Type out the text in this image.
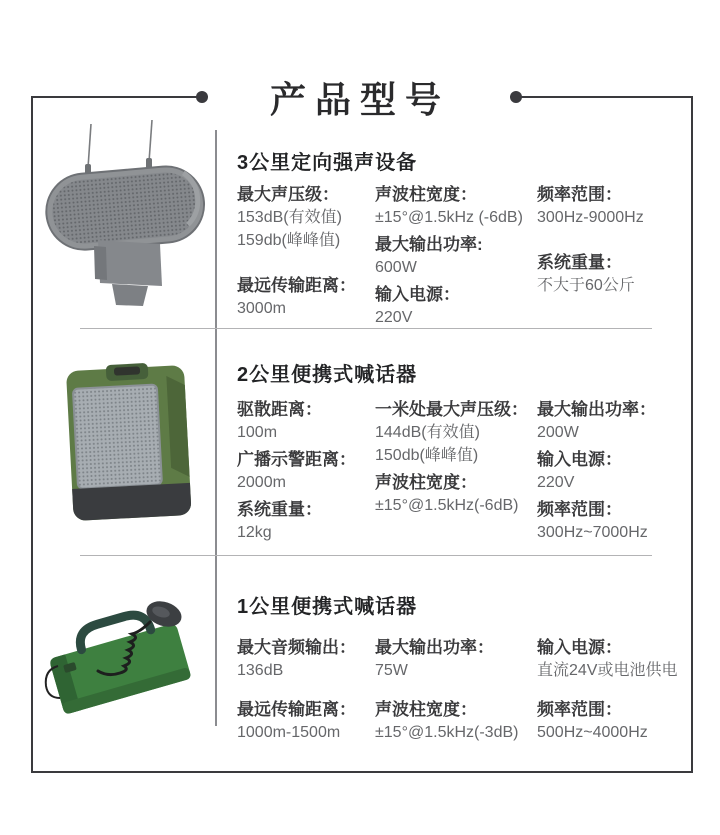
产品型号
3公里定向强声设备
2公里便携式喊话器
1公里便携式喊话器
最大声压级：
153dB(有效值)
159db(峰峰值)
最远传输距离：
3000m
声波柱宽度：
±15°@1.5kHz (-6dB)
最大输出功率:
600W
输入电源：
220V
频率范围：
300Hz-9000Hz
系统重量：
不大于60公斤
驱散距离：
100m
广播示警距离：
2000m
系统重量：
12kg
一米处最大声压级：
144dB(有效值)
150db(峰峰值)
声波柱宽度：
±15°@1.5kHz(-6dB)
最大输出功率：
200W
输入电源：
220V
频率范围：
300Hz~7000Hz
最大音频输出：
136dB
最远传输距离：
1000m-1500m
最大输出功率：
75W
声波柱宽度：
±15°@1.5kHz(-3dB)
输入电源：
直流24V或电池供电
频率范围：
500Hz~4000Hz
